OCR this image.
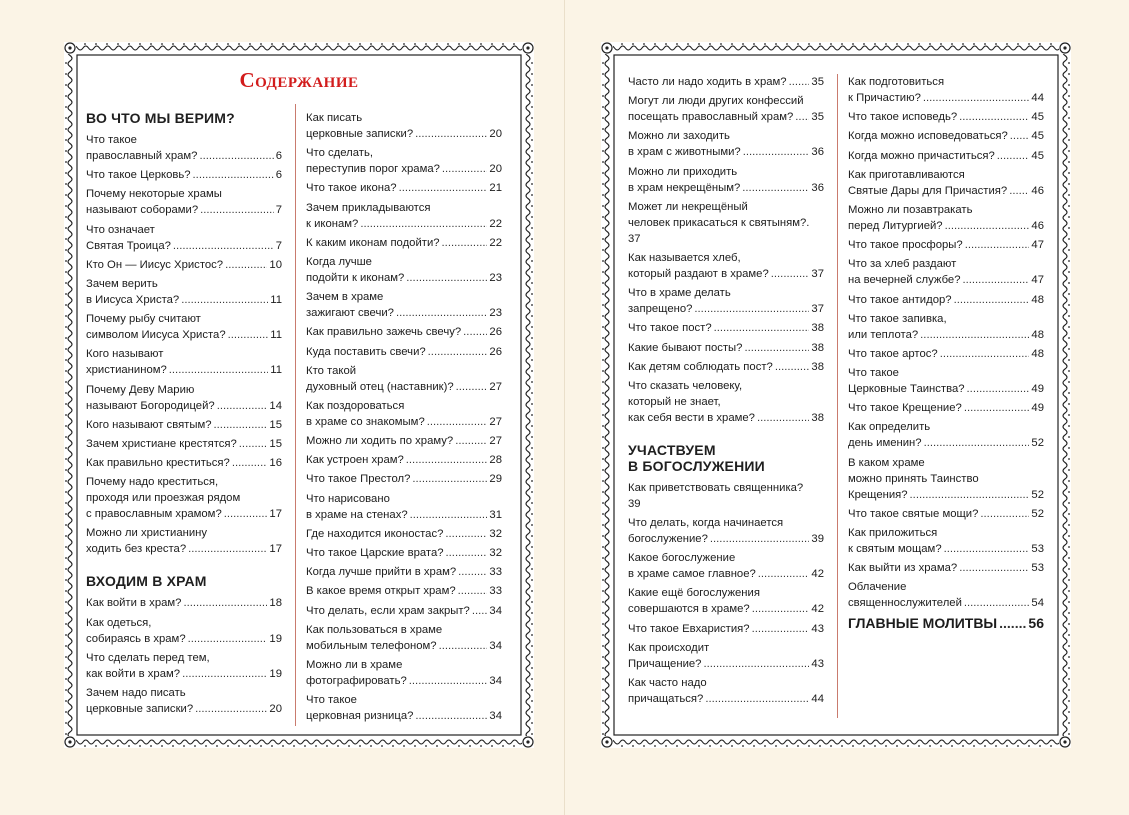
Содержание
ВО ЧТО МЫ ВЕРИМ?
Что такое
православный храм? .....	6
Что такое Церковь? .....	6
Почему некоторые храмы
называют соборами? .....	7
Что означает
Святая Троица? .....	7
Кто Он — Иисус Христос? .....	10
Зачем верить
в Иисуса Христа? .....	11
Почему рыбу считают
символом Иисуса Христа? .....	11
Кого называют
христианином? .....	11
Почему Деву Марию
называют Богородицей? .....	14
Кого называют святым? .....	15
Зачем христиане крестятся? .....	15
Как правильно креститься? .....	16
Почему надо креститься,
проходя или проезжая рядом
с православным храмом? .....	17
Можно ли христианину
ходить без креста? .....	17
ВХОДИМ В ХРАМ
Как войти в храм? .....	18
Как одеться,
собираясь в храм? .....	19
Что сделать перед тем,
как войти в храм? .....	19
Зачем надо писать
церковные записки? .....	20
Как писать
церковные записки? .....	20
Что сделать,
переступив порог храма? .....	20
Что такое икона? .....	21
Зачем прикладываются
к иконам? .....	22
К каким иконам подойти? .....	22
Когда лучше
подойти к иконам? .....	23
Зачем в храме
зажигают свечи? .....	23
Как правильно зажечь свечу? .....	26
Куда поставить свечи? .....	26
Кто такой
духовный отец (наставник)? .....	27
Как поздороваться
в храме со знакомым? .....	27
Можно ли ходить по храму? .....	27
Как устроен храм? .....	28
Что такое Престол? .....	29
Что нарисовано
в храме на стенах? .....	31
Где находится иконостас? .....	32
Что такое Царские врата? .....	32
Когда лучше прийти в храм? .....	33
В какое время открыт храм? .....	33
Что делать, если храм закрыт? ..... 34
Как пользоваться в храме
мобильным телефоном? .....	34
Можно ли в храме
фотографировать? .....	34
Что такое
церковная ризница? .....	34
Часто ли надо ходить в храм? ..... 35
Могут ли люди других конфессий
посещать православный храм? ..... 35
Можно ли заходить
в храм с животными? .....	36
Можно ли приходить
в храм некрещёным? .....	36
Может ли некрещёный
человек прикасаться к святыням?.
37
Как называется хлеб,
который раздают в храме? .....	37
Что в храме делать
запрещено? .....	37
Что такое пост? .....	38
Какие бывают посты? .....	38
Как детям соблюдать пост? .....	38
Что сказать человеку,
который не знает,
как себя вести в храме? .....	38
УЧАСТВУЕМ
В БОГОСЛУЖЕНИИ
Как приветствовать священника?
39
Что делать, когда начинается
богослужение? .....	39
Какое богослужение
в храме самое главное? .....	42
Какие ещё богослужения
совершаются в храме? .....	42
Что такое Евхаристия? .....	43
Как происходит
Причащение? .....	43
Как часто надо
причащаться? .....	44
Как подготовиться
к Причастию? .....	44
Что такое исповедь? .....	45
Когда можно исповедоваться? ..... 45
Когда можно причаститься? .....	45
Как приготавливаются
Святые Дары для Причастия? ..... 46
Можно ли позавтракать
перед Литургией? .....	46
Что такое просфоры? .....	47
Что за хлеб раздают
на вечерней службе? .....	47
Что такое антидор? .....	48
Что такое запивка,
или теплота? .....	48
Что такое артос? .....	48
Что такое
Церковные Таинства? .....	49
Что такое Крещение? .....	49
Как определить
день именин? .....	52
В каком храме
можно принять Таинство
Крещения? .....	52
Что такое святые мощи? .....	52
Как приложиться
к святым мощам? .....	53
Как выйти из храма? .....	53
Облачение
священнослужителей .....	54
ГЛАВНЫЕ МОЛИТВЫ ..... 56
